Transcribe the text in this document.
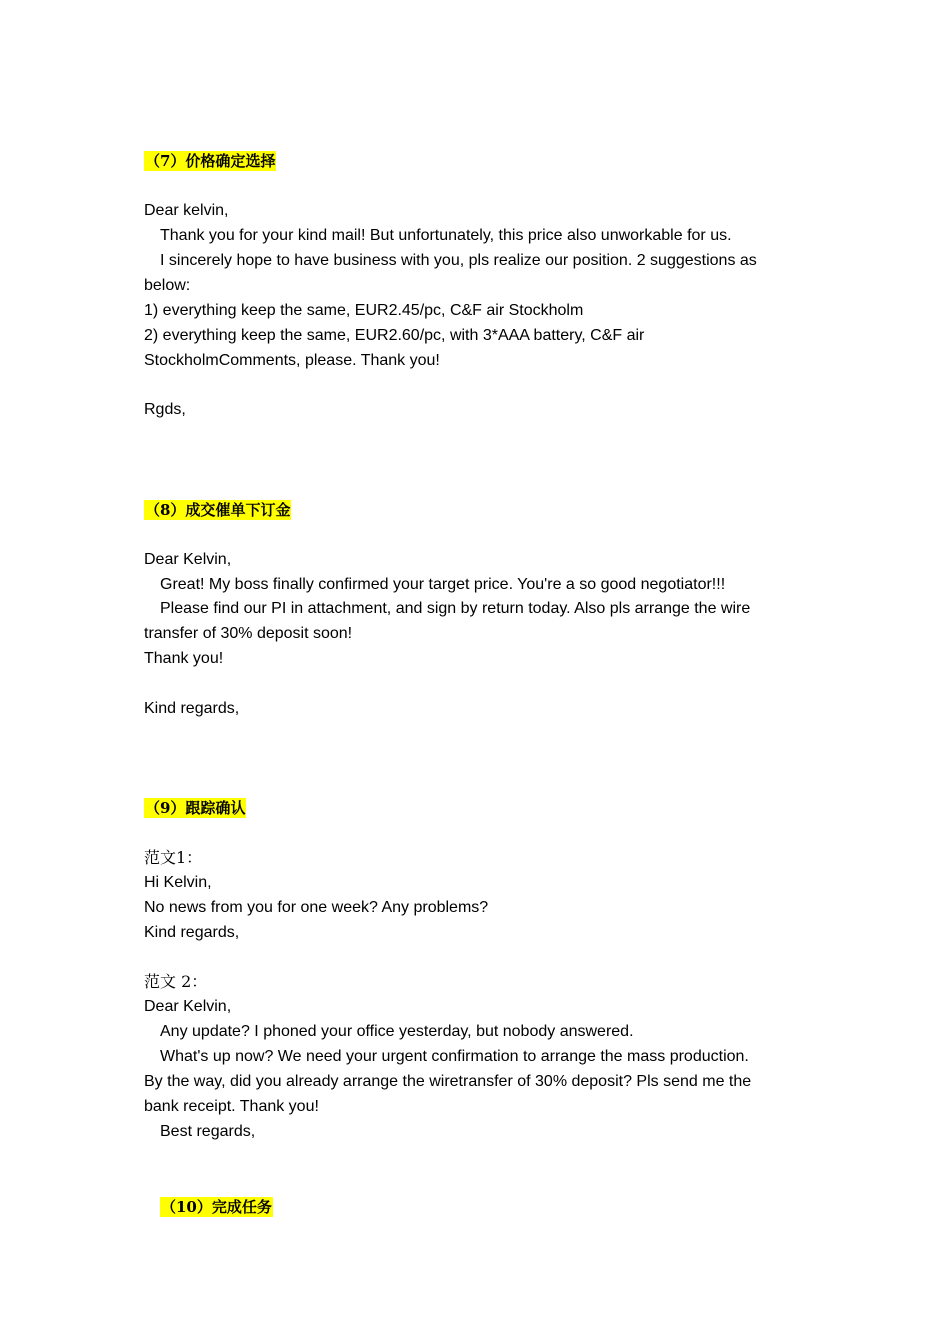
（7）价格确定选择
Dear kelvin,
Thank you for your kind mail! But unfortunately, this price also unworkable for us.
I sincerely hope to have business with you, pls realize our position. 2 suggestions as
below:
1) everything keep the same, EUR2.45/pc, C&F air Stockholm
2) everything keep the same, EUR2.60/pc, with 3*AAA battery, C&F air
StockholmComments, please. Thank you!
Rgds,
（8）成交催单下订金
Dear Kelvin,
Great! My boss finally confirmed your target price. You're a so good negotiator!!!
Please find our PI in attachment, and sign by return today. Also pls arrange the wire
transfer of 30% deposit soon!
Thank you!
Kind regards,
（9）跟踪确认
范文1：
Hi Kelvin,
No news from you for one week? Any problems?
Kind regards,
范文 2：
Dear Kelvin,
Any update? I phoned your office yesterday, but nobody answered.
What's up now? We need your urgent confirmation to arrange the mass production.
By the way, did you already arrange the wiretransfer of 30% deposit? Pls send me the
bank receipt. Thank you!
Best regards,
（10）完成任务
